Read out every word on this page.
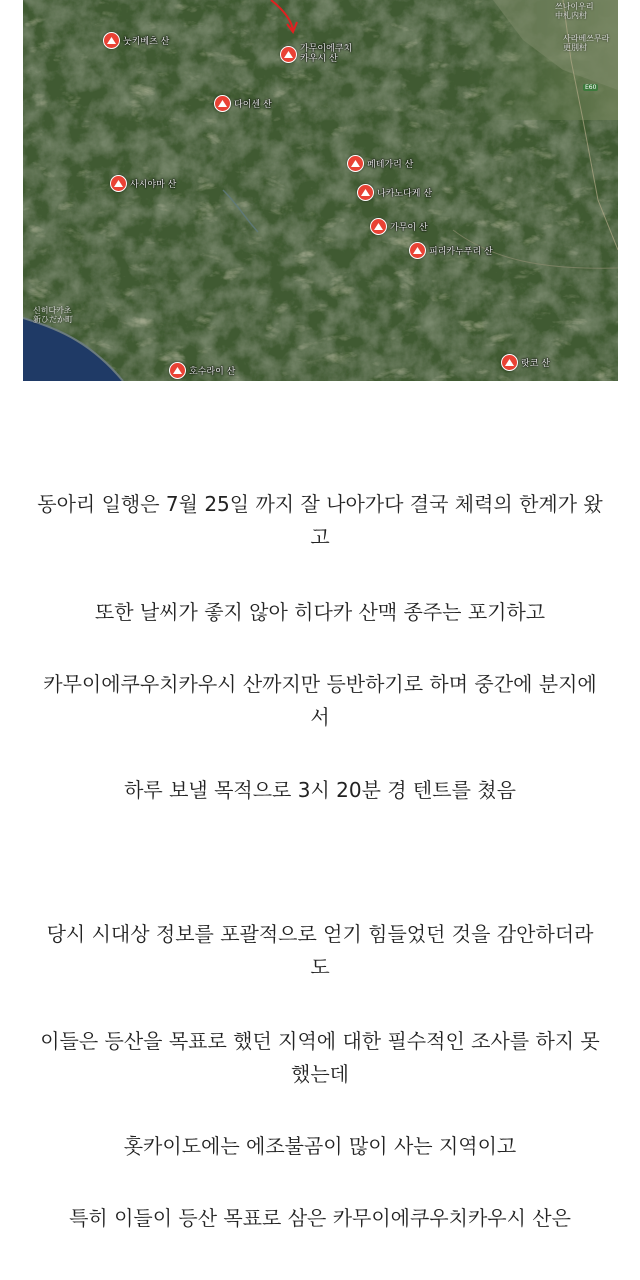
눗키베츠 산
가무이에쿠치
카우시 산
다이센 산
페테가리 산
사시야마 산
나카노다케 산
가무이 산
피리카누푸리 산
호수라이 산
랏코 산
쓰나이우리
中札内村
사라베쓰무라
更別村
신히다카초
新ひだか町
E60
동아리 일행은 7월 25일 까지 잘 나아가다 결국 체력의 한계가 왔
고
또한 날씨가 좋지 않아 히다카 산맥 종주는 포기하고
카무이에쿠우치카우시 산까지만 등반하기로 하며 중간에 분지에
서
하루 보낼 목적으로 3시 20분 경 텐트를 쳤음
당시 시대상 정보를 포괄적으로 얻기 힘들었던 것을 감안하더라
도
이들은 등산을 목표로 했던 지역에 대한 필수적인 조사를 하지 못
했는데
홋카이도에는 에조불곰이 많이 사는 지역이고
특히 이들이 등산 목표로 삼은 카무이에쿠우치카우시 산은
